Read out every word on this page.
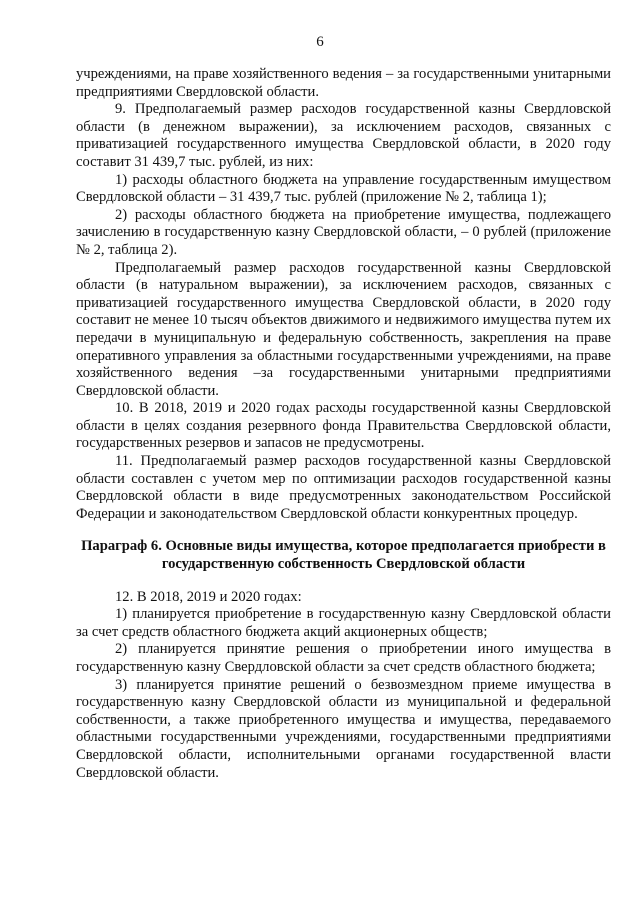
6

учреждениями, на праве хозяйственного ведения – за государственными унитарными предприятиями Свердловской области.

9. Предполагаемый размер расходов государственной казны Свердловской области (в денежном выражении), за исключением расходов, связанных с приватизацией государственного имущества Свердловской области, в 2020 году составит 31 439,7 тыс. рублей, из них:

1) расходы областного бюджета на управление государственным имуществом Свердловской области – 31 439,7 тыс. рублей (приложение № 2, таблица 1);

2) расходы областного бюджета на приобретение имущества, подлежащего зачислению в государственную казну Свердловской области, – 0 рублей (приложение № 2, таблица 2).

Предполагаемый размер расходов государственной казны Свердловской области (в натуральном выражении), за исключением расходов, связанных с приватизацией государственного имущества Свердловской области, в 2020 году составит не менее 10 тысяч объектов движимого и недвижимого имущества путем их передачи в муниципальную и федеральную собственность, закрепления на праве оперативного управления за областными государственными учреждениями, на праве хозяйственного ведения –за государственными унитарными предприятиями Свердловской области.

10. В 2018, 2019 и 2020 годах расходы государственной казны Свердловской области в целях создания резервного фонда Правительства Свердловской области, государственных резервов и запасов не предусмотрены.

11. Предполагаемый размер расходов государственной казны Свердловской области составлен с учетом мер по оптимизации расходов государственной казны Свердловской области в виде предусмотренных законодательством Российской Федерации и законодательством Свердловской области конкурентных процедур.

Параграф 6. Основные виды имущества, которое предполагается приобрести в государственную собственность Свердловской области

12. В 2018, 2019 и 2020 годах:

1) планируется приобретение в государственную казну Свердловской области за счет средств областного бюджета акций акционерных обществ;

2) планируется принятие решения о приобретении иного имущества в государственную казну Свердловской области за счет средств областного бюджета;

3) планируется принятие решений о безвозмездном приеме имущества в государственную казну Свердловской области из муниципальной и федеральной собственности, а также приобретенного имущества и имущества, передаваемого областными государственными учреждениями, государственными предприятиями Свердловской области, исполнительными органами государственной власти Свердловской области.
